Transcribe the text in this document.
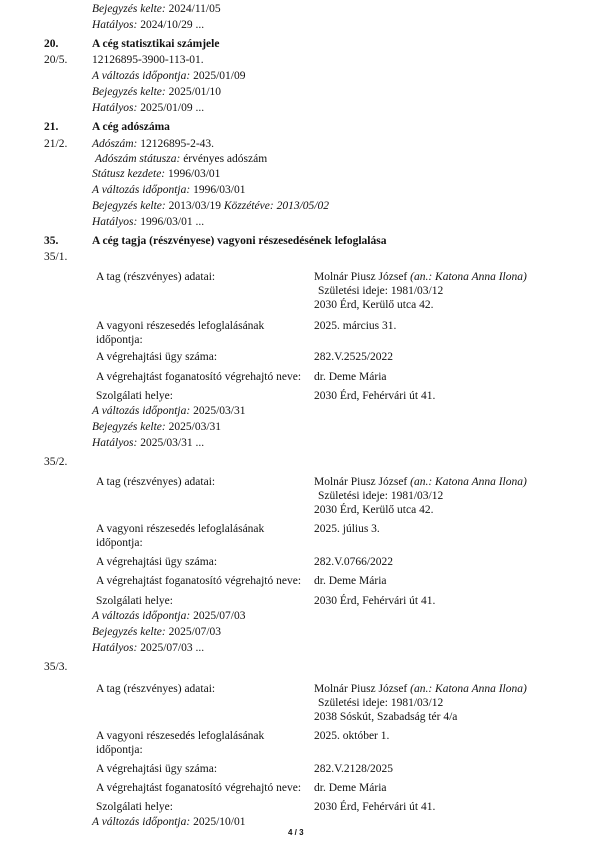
Bejegyzés kelte: 2024/11/05
Hatályos: 2024/10/29 ...
20.	A cég statisztikai számjele
20/5. 12126895-3900-113-01.
A változás időpontja: 2025/01/09
Bejegyzés kelte: 2025/01/10
Hatályos: 2025/01/09 ...
21.	A cég adószáma
21/2. Adószám: 12126895-2-43.
Adószám státusza: érvényes adószám
Státusz kezdete: 1996/03/01
A változás időpontja: 1996/03/01
Bejegyzés kelte: 2013/03/19 Közzétéve: 2013/05/02
Hatályos: 1996/03/01 ...
35.	A cég tagja (részvényese) vagyoni részesedésének lefoglalása
35/1.
A tag (részvényes) adatai:	Molnár Piusz József (an.: Katona Anna Ilona)
Születési ideje: 1981/03/12
2030 Érd, Kerülő utca 42.
A vagyoni részesedés lefoglalásának
időpontja:
2025. március 31.
A végrehajtási ügy száma:	282.V.2525/2022
A végrehajtást foganatosító végrehajtó neve: dr. Deme Mária
Szolgálati helye:	2030 Érd, Fehérvári út 41.
A változás időpontja: 2025/03/31
Bejegyzés kelte: 2025/03/31
Hatályos: 2025/03/31 ...
35/2.
A tag (részvényes) adatai:	Molnár Piusz József (an.: Katona Anna Ilona)
Születési ideje: 1981/03/12
2030 Érd, Kerülő utca 42.
A vagyoni részesedés lefoglalásának
időpontja:
2025. július 3.
A végrehajtási ügy száma:	282.V.0766/2022
A végrehajtást foganatosító végrehajtó neve: dr. Deme Mária
Szolgálati helye:	2030 Érd, Fehérvári út 41.
A változás időpontja: 2025/07/03
Bejegyzés kelte: 2025/07/03
Hatályos: 2025/07/03 ...
35/3.
A tag (részvényes) adatai:	Molnár Piusz József (an.: Katona Anna Ilona)
Születési ideje: 1981/03/12
2038 Sóskút, Szabadság tér 4/a
A vagyoni részesedés lefoglalásának
időpontja:
2025. október 1.
A végrehajtási ügy száma:	282.V.2128/2025
A végrehajtást foganatosító végrehajtó neve: dr. Deme Mária
Szolgálati helye:	2030 Érd, Fehérvári út 41.
A változás időpontja: 2025/10/01
4 / 3
